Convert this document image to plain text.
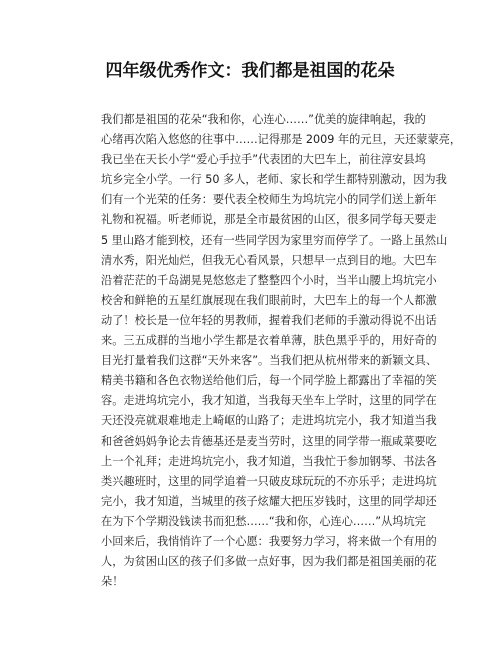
四年级优秀作文：我们都是祖国的花朵
我们都是祖国的花朵“我和你，心连心……”优美的旋律响起，我的
心绪再次陷入悠悠的往事中……记得那是 2009 年的元旦，天还蒙蒙亮，
我已坐在天长小学“爱心手拉手”代表团的大巴车上，前往淳安县坞
坑乡完全小学。一行 50 多人，老师、家长和学生都特别激动，因为我
们有一个光荣的任务：要代表全校师生为坞坑完小的同学们送上新年
礼物和祝福。听老师说，那是全市最贫困的山区，很多同学每天要走
5 里山路才能到校，还有一些同学因为家里穷而停学了。一路上虽然山
清水秀，阳光灿烂，但我无心看风景，只想早一点到目的地。大巴车
沿着茫茫的千岛湖晃晃悠悠走了整整四个小时，当半山腰上坞坑完小
校舍和鲜艳的五星红旗展现在我们眼前时，大巴车上的每一个人都激
动了！校长是一位年轻的男教师，握着我们老师的手激动得说不出话
来。三五成群的当地小学生都是衣着单薄，肤色黑乎乎的，用好奇的
目光打量着我们这群“天外来客”。当我们把从杭州带来的新颖文具、
精美书籍和各色衣物送给他们后，每一个同学脸上都露出了幸福的笑
容。走进坞坑完小，我才知道，当我每天坐车上学时，这里的同学在
天还没亮就艰难地走上崎岖的山路了；走进坞坑完小，我才知道当我
和爸爸妈妈争论去肯德基还是麦当劳时，这里的同学带一瓶咸菜要吃
上一个礼拜；走进坞坑完小，我才知道，当我忙于参加钢琴、书法各
类兴趣班时，这里的同学追着一只破皮球玩玩的不亦乐乎；走进坞坑
完小，我才知道，当城里的孩子炫耀大把压岁钱时，这里的同学却还
在为下个学期没钱读书而犯愁……“我和你，心连心……”从坞坑完
小回来后，我悄悄许了一个心愿：我要努力学习，将来做一个有用的
人，为贫困山区的孩子们多做一点好事，因为我们都是祖国美丽的花
朵！
